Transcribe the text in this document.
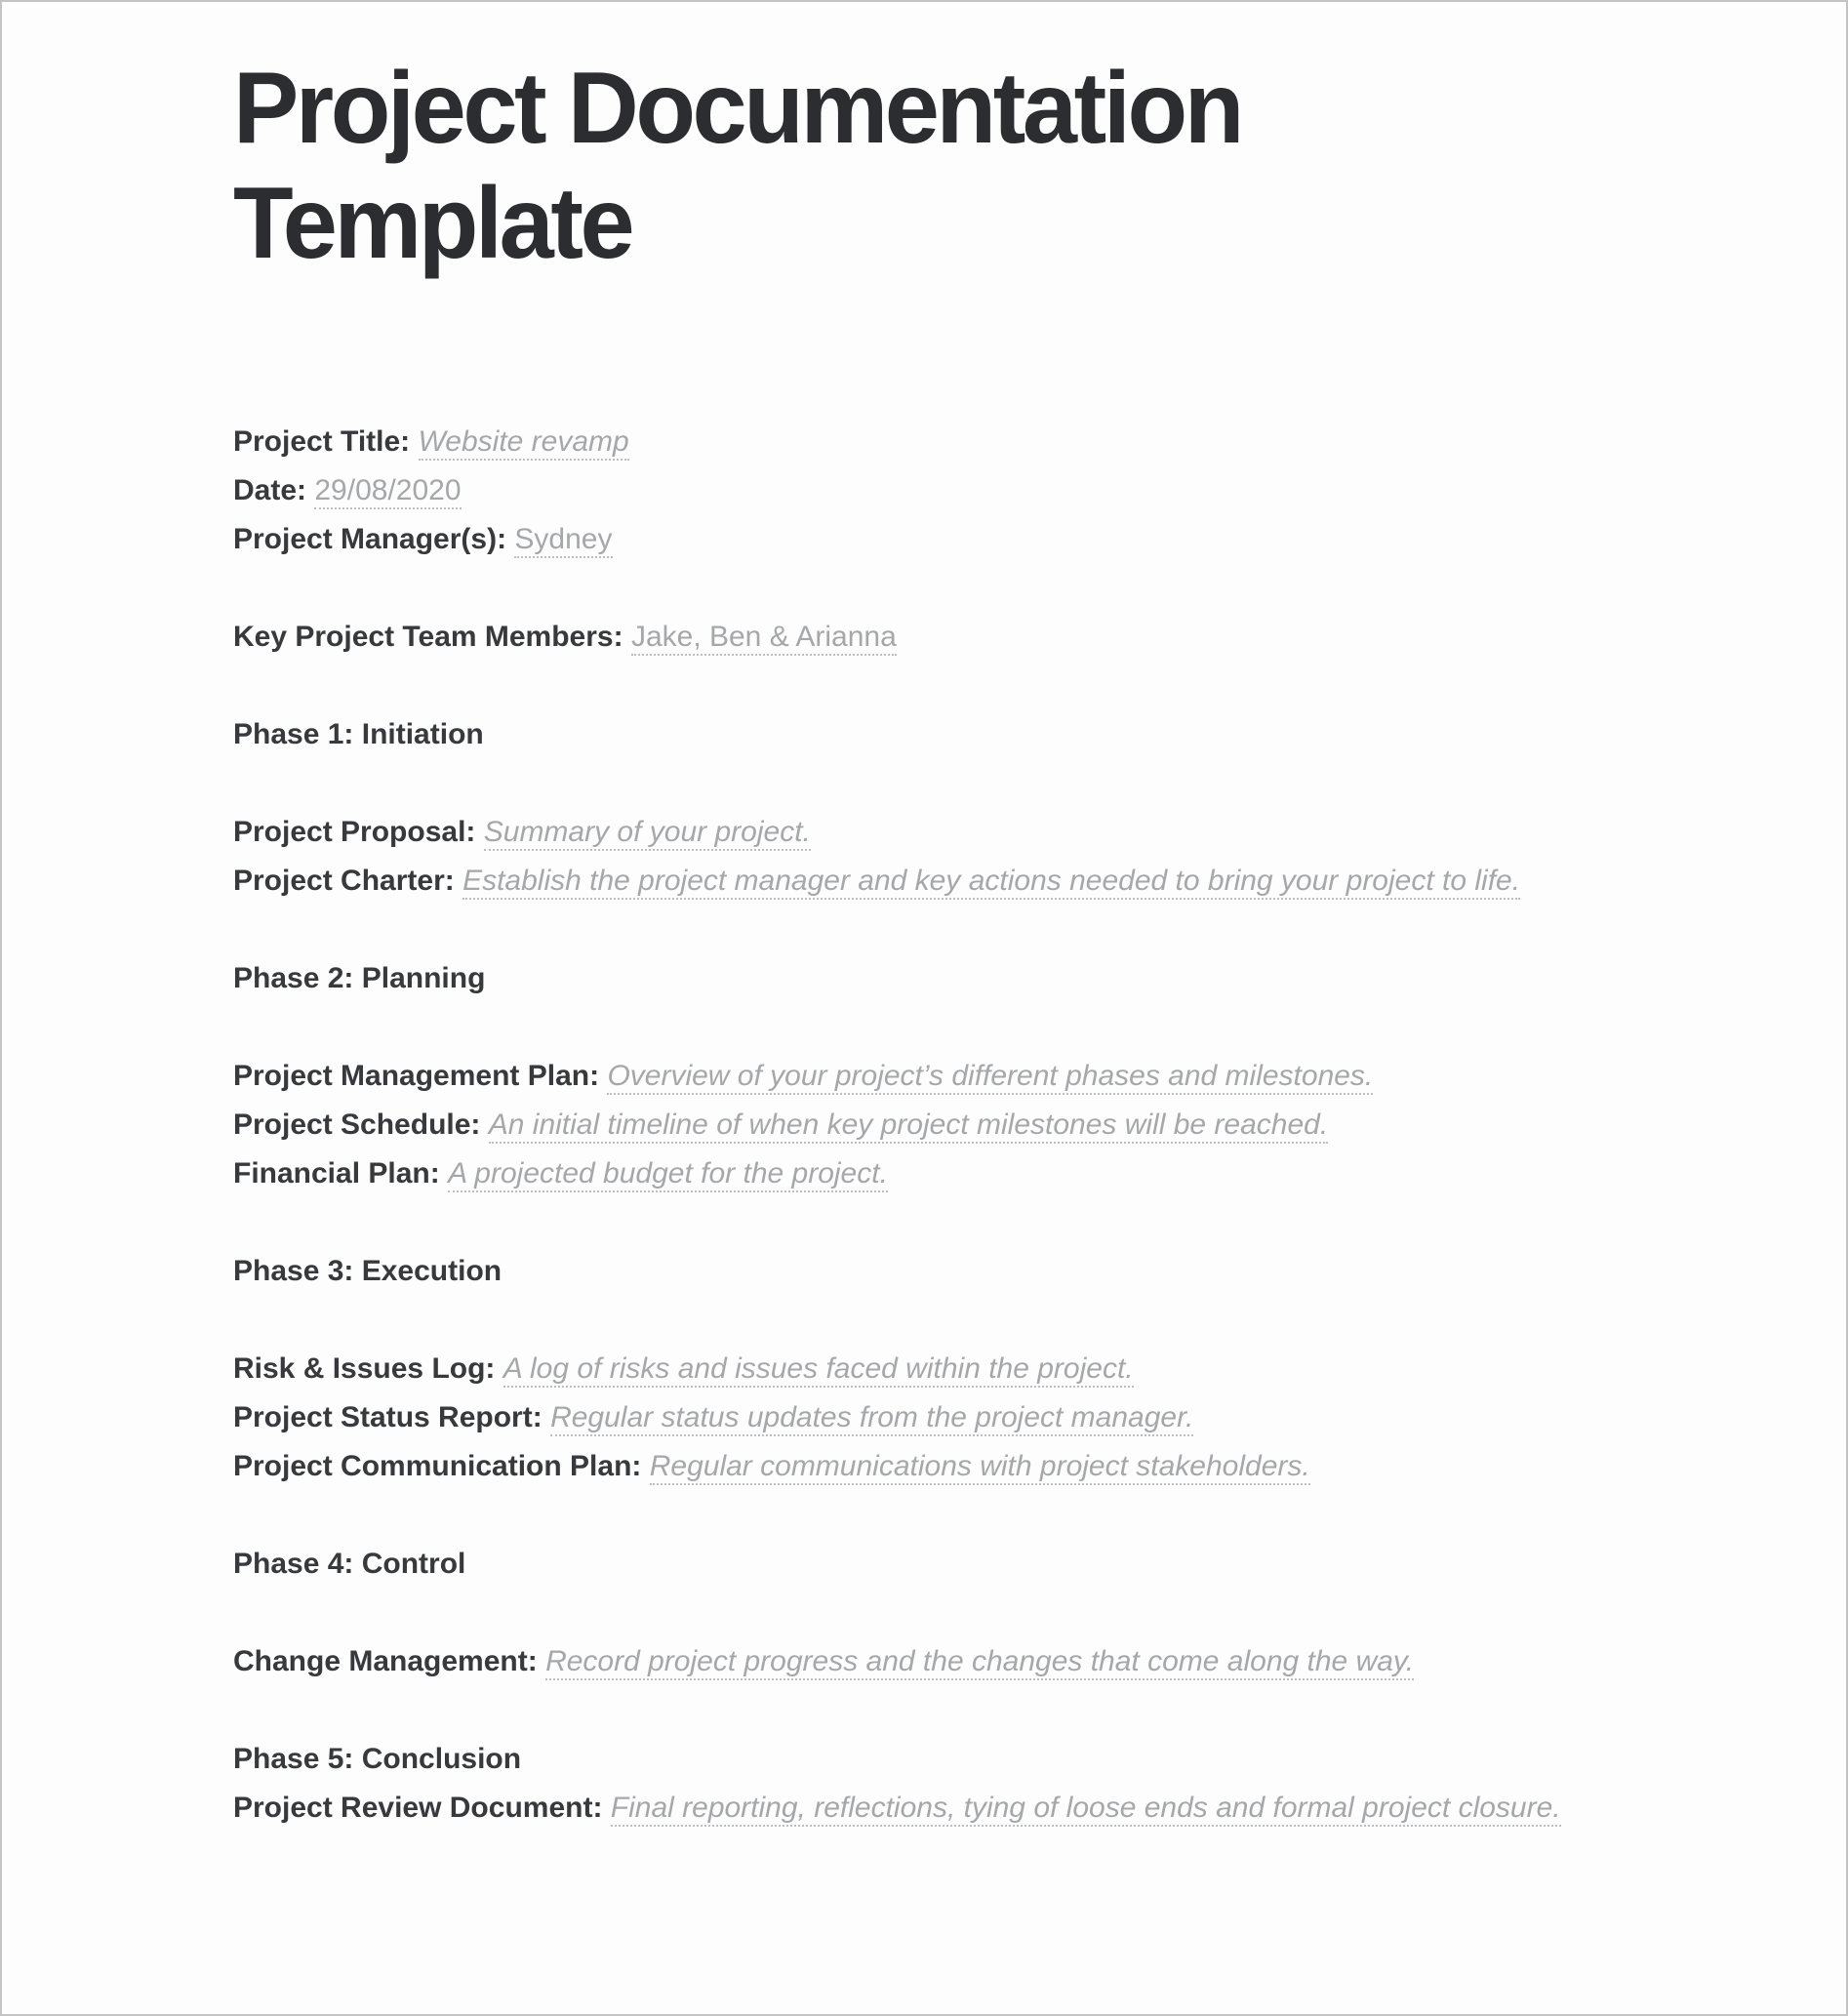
Project Documentation Template
Project Title: Website revamp
Date: 29/08/2020
Project Manager(s): Sydney
Key Project Team Members: Jake, Ben & Arianna
Phase 1: Initiation
Project Proposal: Summary of your project.
Project Charter: Establish the project manager and key actions needed to bring your project to life.
Phase 2: Planning
Project Management Plan: Overview of your project’s different phases and milestones.
Project Schedule: An initial timeline of when key project milestones will be reached.
Financial Plan: A projected budget for the project.
Phase 3: Execution
Risk & Issues Log: A log of risks and issues faced within the project.
Project Status Report: Regular status updates from the project manager.
Project Communication Plan: Regular communications with project stakeholders.
Phase 4: Control
Change Management: Record project progress and the changes that come along the way.
Phase 5: Conclusion
Project Review Document: Final reporting, reflections, tying of loose ends and formal project closure.
